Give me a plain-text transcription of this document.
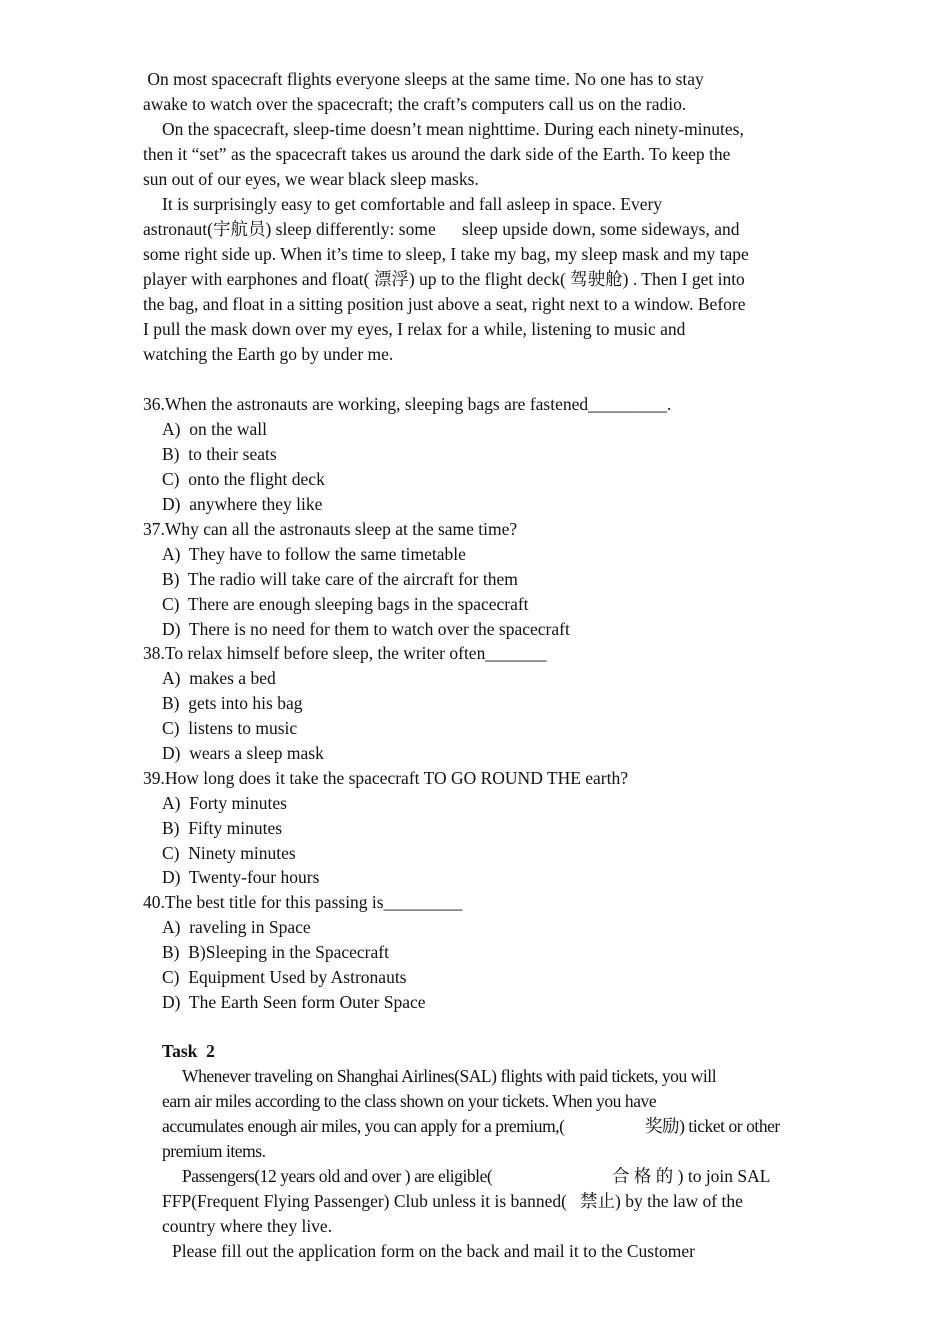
On most spacecraft flights everyone sleeps at the same time. No one has to stay
awake to watch over the spacecraft; the craft’s computers call us on the radio.
On the spacecraft, sleep-time doesn’t mean nighttime. During each ninety-minutes,
then it “set” as the spacecraft takes us around the dark side of the Earth. To keep the
sun out of our eyes, we wear black sleep masks.
It is surprisingly easy to get comfortable and fall asleep in space. Every
astronaut(宇航员) sleep differently: some      sleep upside down, some sideways, and
some right side up. When it’s time to sleep, I take my bag, my sleep mask and my tape
player with earphones and float( 漂浮) up to the flight deck( 驾驶舱) . Then I get into
the bag, and float in a sitting position just above a seat, right next to a window. Before
I pull the mask down over my eyes, I relax for a while, listening to music and
watching the Earth go by under me.
36.When the astronauts are working, sleeping bags are fastened_________.
A)  on the wall
B)  to their seats
C)  onto the flight deck
D)  anywhere they like
37.Why can all the astronauts sleep at the same time?
A)  They have to follow the same timetable
B)  The radio will take care of the aircraft for them
C)  There are enough sleeping bags in the spacecraft
D)  There is no need for them to watch over the spacecraft
38.To relax himself before sleep, the writer often_______
A)  makes a bed
B)  gets into his bag
C)  listens to music
D)  wears a sleep mask
39.How long does it take the spacecraft TO GO ROUND THE earth?
A)  Forty minutes
B)  Fifty minutes
C)  Ninety minutes
D)  Twenty-four hours
40.The best title for this passing is_________
A)  raveling in Space
B)  B)Sleeping in the Spacecraft
C)  Equipment Used by Astronauts
D)  The Earth Seen form Outer Space
Task  2
Whenever traveling on Shanghai Airlines(SAL) flights with paid tickets, you will
earn air miles according to the class shown on your tickets. When you have
accumulates enough air miles, you can apply for a premium,(	奖励) ticket or other
premium items.
Passengers(12 years old and over ) are eligible(	合 格 的 ) to join SAL
FFP(Frequent Flying Passenger) Club unless it is banned(   禁止) by the law of the
country where they live.
Please fill out the application form on the back and mail it to the Customer
